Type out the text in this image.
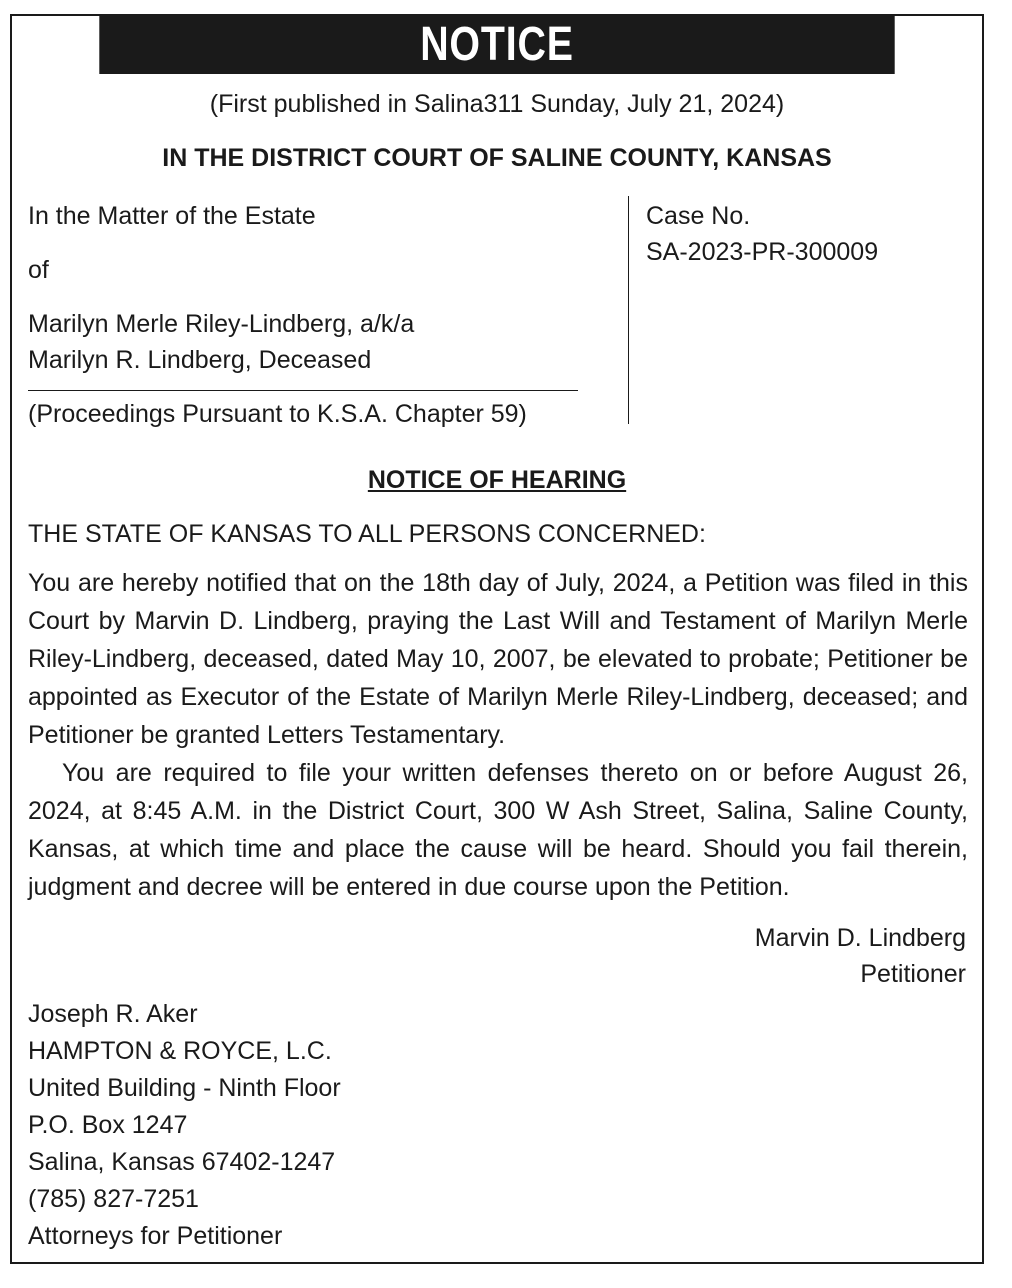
NOTICE
(First published in Salina311 Sunday, July 21, 2024)
IN THE DISTRICT COURT OF SALINE COUNTY, KANSAS
In the Matter of the Estate
of
Marilyn Merle Riley-Lindberg, a/k/a
Marilyn R. Lindberg, Deceased
(Proceedings Pursuant to K.S.A. Chapter 59)
Case No.
SA-2023-PR-300009
NOTICE OF HEARING
THE STATE OF KANSAS TO ALL PERSONS CONCERNED:

You are hereby notified that on the 18th day of July, 2024, a Petition was filed in this Court by Marvin D. Lindberg, praying the Last Will and Testament of Marilyn Merle Riley-Lindberg, deceased, dated May 10, 2007, be elevated to probate; Petitioner be appointed as Executor of the Estate of Marilyn Merle Riley-Lindberg, deceased; and Petitioner be granted Letters Testamentary.

You are required to file your written defenses thereto on or before August 26, 2024, at 8:45 A.M. in the District Court, 300 W Ash Street, Salina, Saline County, Kansas, at which time and place the cause will be heard. Should you fail therein, judgment and decree will be entered in due course upon the Petition.

Marvin D. Lindberg
Petitioner
Joseph R. Aker
HAMPTON & ROYCE, L.C.
United Building - Ninth Floor
P.O. Box 1247
Salina, Kansas 67402-1247
(785) 827-7251
Attorneys for Petitioner
